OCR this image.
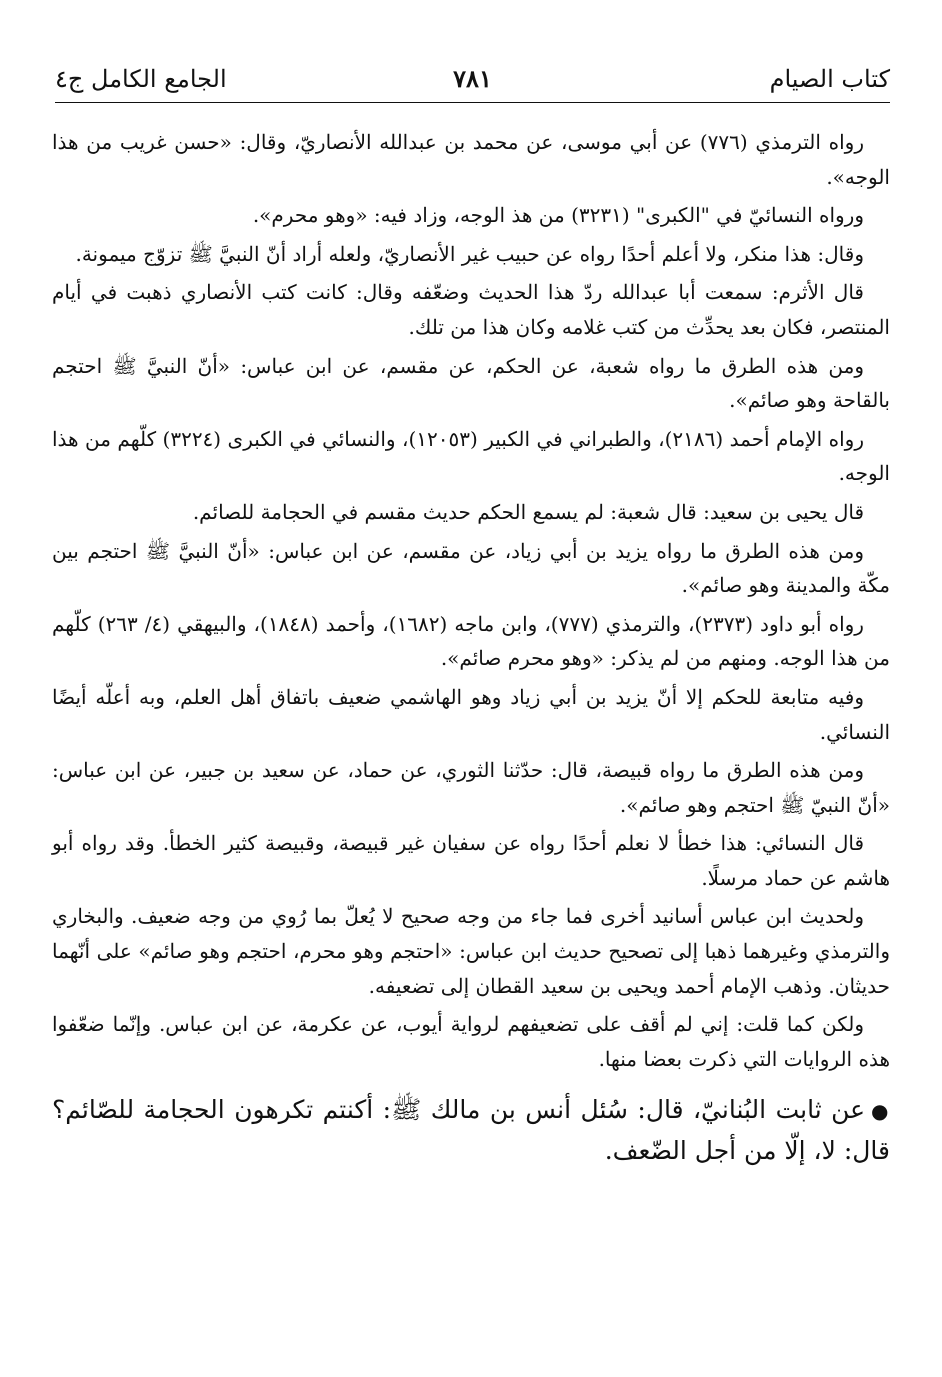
كتاب الصيام
٧٨١
الجامع الكامل ج٤

رواه الترمذي (٧٧٦) عن أبي موسى، عن محمد بن عبدالله الأنصاريّ، وقال: «حسن غريب من هذا الوجه».

ورواه النسائيّ في "الكبرى" (٣٢٣١) من هذ الوجه، وزاد فيه: «وهو محرم».

وقال: هذا منكر، ولا أعلم أحدًا رواه عن حبيب غير الأنصاريّ، ولعله أراد أنّ النبيَّ ﷺ تزوّج ميمونة.

قال الأثرم: سمعت أبا عبدالله ردّ هذا الحديث وضعّفه وقال: كانت كتب الأنصاري ذهبت في أيام المنتصر، فكان بعد يحدِّث من كتب غلامه وكان هذا من تلك.

ومن هذه الطرق ما رواه شعبة، عن الحكم، عن مقسم، عن ابن عباس: «أنّ النبيَّ ﷺ احتجم بالقاحة وهو صائم».

رواه الإمام أحمد (٢١٨٦)، والطبراني في الكبير (١٢٠٥٣)، والنسائي في الكبرى (٣٢٢٤) كلّهم من هذا الوجه.

قال يحيى بن سعيد: قال شعبة: لم يسمع الحكم حديث مقسم في الحجامة للصائم.

ومن هذه الطرق ما رواه يزيد بن أبي زياد، عن مقسم، عن ابن عباس: «أنّ النبيَّ ﷺ احتجم بين مكّة والمدينة وهو صائم».

رواه أبو داود (٢٣٧٣)، والترمذي (٧٧٧)، وابن ماجه (١٦٨٢)، وأحمد (١٨٤٨)، والبيهقي (٤/ ٢٦٣) كلّهم من هذا الوجه. ومنهم من لم يذكر: «وهو محرم صائم».

وفيه متابعة للحكم إلا أنّ يزيد بن أبي زياد وهو الهاشمي ضعيف باتفاق أهل العلم، وبه أعلّه أيضًا النسائي.

ومن هذه الطرق ما رواه قبيصة، قال: حدّثنا الثوري، عن حماد، عن سعيد بن جبير، عن ابن عباس: «أنّ النبيّ ﷺ احتجم وهو صائم».

قال النسائي: هذا خطأ لا نعلم أحدًا رواه عن سفيان غير قبيصة، وقبيصة كثير الخطأ. وقد رواه أبو هاشم عن حماد مرسلًا.

ولحديث ابن عباس أسانيد أخرى فما جاء من وجه صحيح لا يُعلّ بما رُوي من وجه ضعيف. والبخاري والترمذي وغيرهما ذهبا إلى تصحيح حديث ابن عباس: «احتجم وهو محرم، احتجم وهو صائم» على أنّهما حديثان. وذهب الإمام أحمد ويحيى بن سعيد القطان إلى تضعيفه.

ولكن كما قلت: إني لم أقف على تضعيفهم لرواية أيوب، عن عكرمة، عن ابن عباس. وإنّما ضعّفوا هذه الروايات التي ذكرت بعضا منها.

●عن ثابت البُنانيّ، قال: سُئل أنس بن مالك ﷺ: أكنتم تكرهون الحجامة للصّائم؟ قال: لا، إلّا من أجل الضّعف.
